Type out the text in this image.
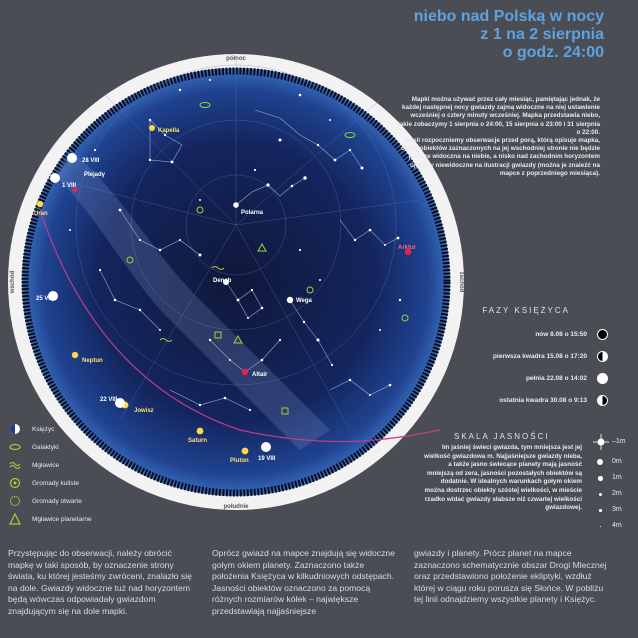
niebo nad Polską w nocy
z 1 na 2 sierpnia
o godz. 24:00
Polarna
Kapella
Plejady
Deneb
Wega
Altair
Arktur
Uran
Neptun
Jowisz
Saturn
Pluton
28 VIII
1 VIII
25 VIII
22 VIII
19 VIII
północ
południe
wschód	zachód

Mapki można używać przez cały miesiąc, pamiętając jednak, że każdej następnej nocy gwiazdy zajmą widoczne na niej ustawienie wcześniej o cztery minuty wcześniej. Mapka przedstawia niebo, jakie zobaczymy 1 sierpnia o 24:00, 15 sierpnia o 23:00 i 31 sierpnia o 22:00.

Jeżeli rozpoczniemy obserwacje przed porą, którą opisuje mapka, część obiektów zaznaczonych na jej wschodniej stronie nie będzie jeszcze widoczna na niebie, a nisko nad zachodnim horyzontem ujrzymy niewidoczne na ilustracji gwiazdy (można je znaleźć na mapce z poprzedniego miesiąca).

FAZY KSIĘŻYCA
nów 8.08 o 15:50
pierwsza kwadra 15.08 o 17:20
pełnia 22.08 o 14:02
ostatnia kwadra 30.08 o 9:13
SKALA JASNOŚCI
Im jaśniej świeci gwiazda, tym mniejsza jest jej wielkość gwiazdowa m. Najjaśniejsze gwiazdy nieba, a także jasno świecące planety mają jasność mniejszą od zera, jasności pozostałych obiektów są dodatnie. W idealnych warunkach gołym okiem można dostrzec obiekty szóstej wielkości, w mieście rzadko widać gwiazdy słabsze niż czwartej wielkości gwiazdowej.
–1m
0m
1m
2m
3m
4m
Księżyc
Galaktyki
Mgławice
Gromady kuliste
Gromady otwarte
Mgławice planetarne
Przystępując do obserwacji, należy obrócić mapkę w taki sposób, by oznaczenie strony świata, ku której jesteśmy zwróceni, znalazło się na dole. Gwiazdy widoczne tuż nad horyzontem będą wówczas odpowiadały gwiazdom znajdującym się na dole mapki.
Oprócz gwiazd na mapce znajdują się widoczne gołym okiem planety. Zaznaczono także położenia Księżyca w kilkudniowych odstępach. Jasności obiektów oznaczono za pomocą różnych rozmiarów kółek – największe przedstawiają najjaśniejsze
gwiazdy i planety. Prócz planet na mapce zaznaczono schematycznie obszar Drogi Mlecznej oraz przedstawiono położenie ekliptyki, wzdłuż której w ciągu roku porusza się Słońce. W pobliżu tej linii odnajdziemy wszystkie planety i Księżyc.
